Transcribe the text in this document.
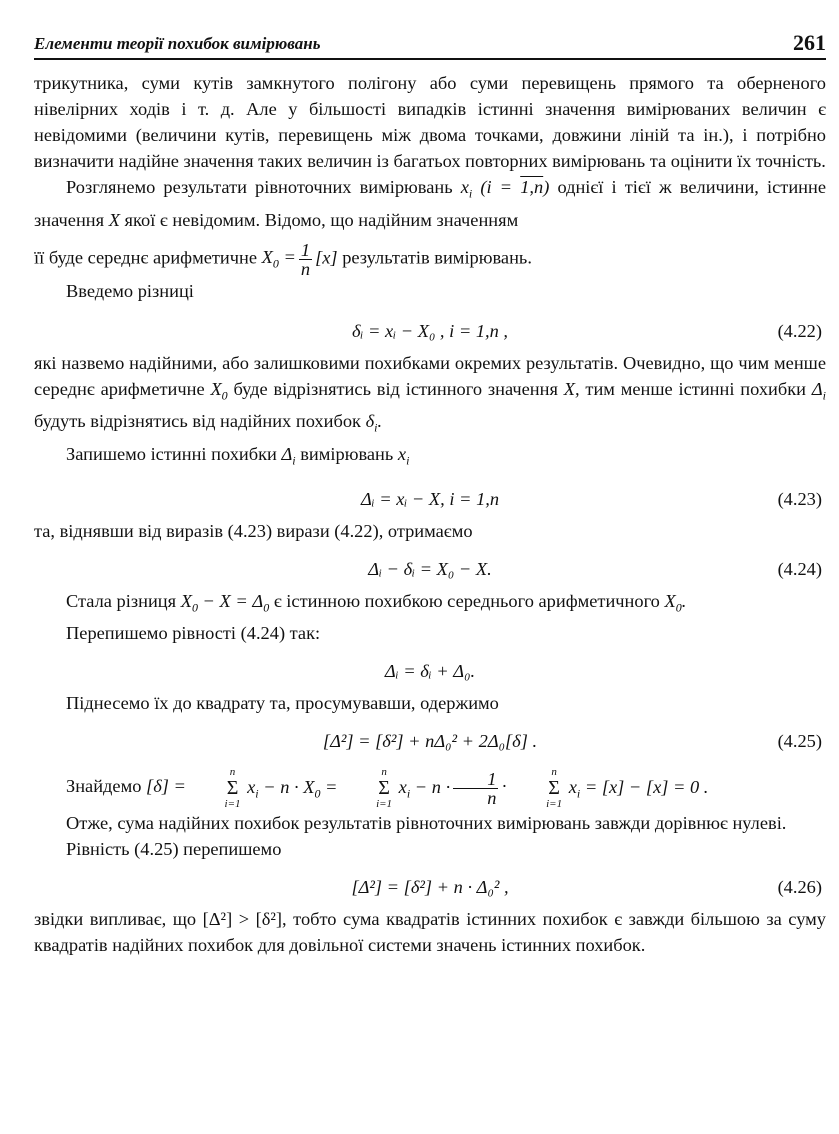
Елементи теорії похибок вимірювань	261

трикутника, суми кутів замкнутого полігону або суми перевищень прямого та оберненого нівелірних ходів і т. д. Але у більшості випадків істинні значення вимірюваних величин є невідомими (величини кутів, перевищень між двома точками, довжини ліній та ін.), і потрібно визначити надійне значення таких величин із багатьох повторних вимірювань та оцінити їх точність.

Розглянемо результати рівноточних вимірювань $x_i$ (i = 1,n) однієї і тієї ж величини, істинне значення X якої є невідомим. Відомо, що надійним значенням

її буде середнє арифметичне $X_0 = \frac{1}{n} [x]$ результатів вимірювань.

Введемо різниці

δᵢ = xᵢ − X₀ , i = 1,n ,	(4.22)

які назвемо надійними, або залишковими похибками окремих результатів. Очевидно, що чим менше середнє арифметичне $X_0$ буде відрізнятись від істинного значення X, тим менше істинні похибки $\Delta_i$ будуть відрізнятись від надійних похибок $\delta_i$.

Запишемо істинні похибки $\Delta_i$ вимірювань $x_i$

Δᵢ = xᵢ − X, i = 1,n	(4.23)

та, віднявши від виразів (4.23) вирази (4.22), отримаємо

Δᵢ − δᵢ = X₀ − X.	(4.24)

Стала різниця $X_0 - X = \Delta_0$ є істинною похибкою середнього арифметичного $X_0$.

Перепишемо рівності (4.24) так:

Δᵢ = δᵢ + Δ₀.

Піднесемо їх до квадрату та, просумувавши, одержимо

[Δ²] = [δ²] + nΔ₀² + 2Δ₀[δ] .	(4.25)

Знайдемо [δ] =
n
Σ
i=1
$x_i - n \cdot X_0$ =
n
Σ
i=1
$x_i - n \cdot \frac{1}{n}$ ·
n
Σ
i=1
$x_i = [x] - [x] = 0$ .

Отже, сума надійних похибок результатів рівноточних вимірювань завжди дорівнює нулеві.

Рівність (4.25) перепишемо

[Δ²] = [δ²] + n · Δ₀² ,	(4.26)

звідки випливає, що [Δ²] > [δ²], тобто сума квадратів істинних похибок є завжди більшою за суму квадратів надійних похибок для довільної системи значень істинних похибок.
